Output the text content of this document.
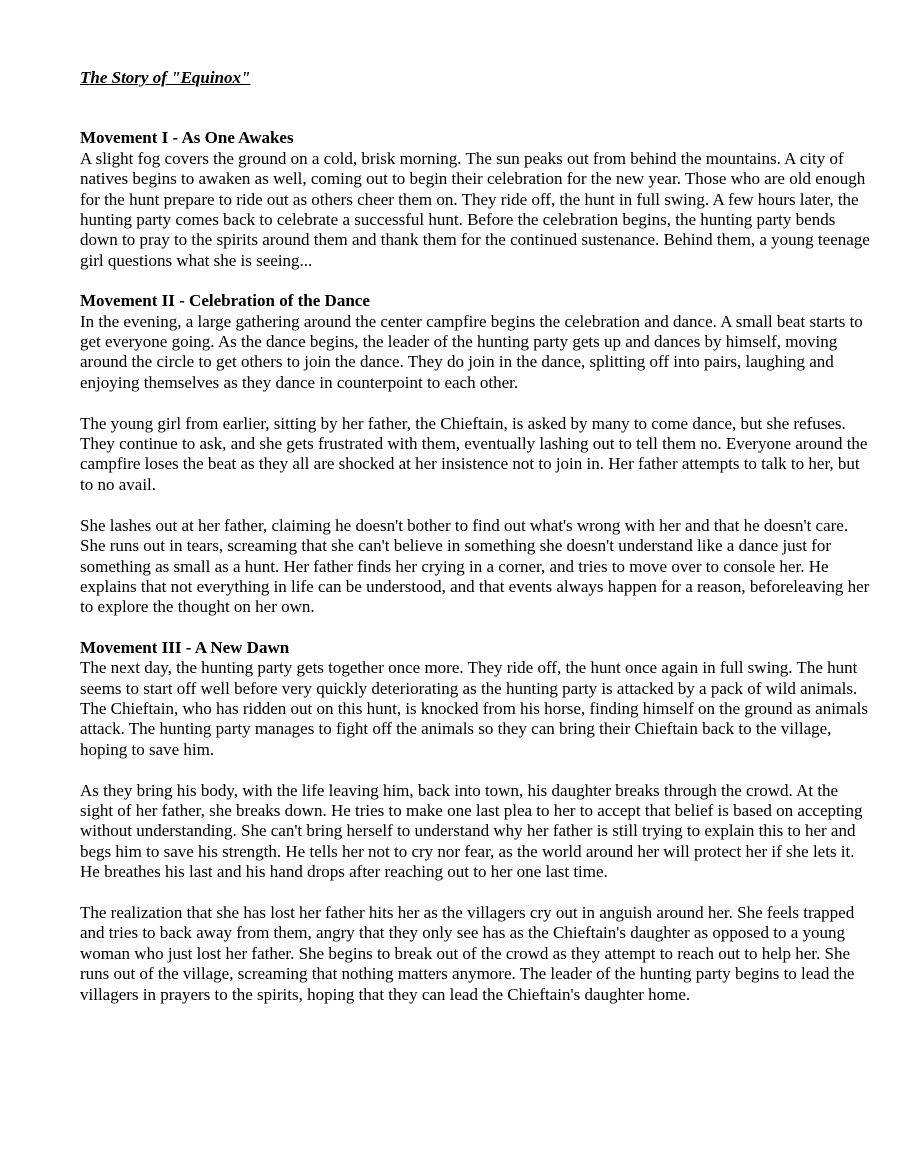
The Story of "Equinox"

Movement I - As One Awakes

A slight fog covers the ground on a cold, brisk morning. The sun peaks out from behind the mountains. A city of natives begins to awaken as well, coming out to begin their celebration for the new year. Those who are old enough for the hunt prepare to ride out as others cheer them on. They ride off, the hunt in full swing. A few hours later, the hunting party comes back to celebrate a successful hunt. Before the celebration begins, the hunting party bends down to pray to the spirits around them and thank them for the continued sustenance. Behind them, a young teenage girl questions what she is seeing...

Movement II - Celebration of the Dance

In the evening, a large gathering around the center campfire begins the celebration and dance. A small beat starts to get everyone going. As the dance begins, the leader of the hunting party gets up and dances by himself, moving around the circle to get others to join the dance. They do join in the dance, splitting off into pairs, laughing and enjoying themselves as they dance in counterpoint to each other.

The young girl from earlier, sitting by her father, the Chieftain, is asked by many to come dance, but she refuses. They continue to ask, and she gets frustrated with them, eventually lashing out to tell them no. Everyone around the campfire loses the beat as they all are shocked at her insistence not to join in. Her father attempts to talk to her, but to no avail.

She lashes out at her father, claiming he doesn't bother to find out what's wrong with her and that he doesn't care. She runs out in tears, screaming that she can't believe in something she doesn't understand like a dance just for something as small as a hunt. Her father finds her crying in a corner, and tries to move over to console her. He explains that not everything in life can be understood, and that events always happen for a reason, beforeleaving her to explore the thought on her own.

Movement III - A New Dawn

The next day, the hunting party gets together once more. They ride off, the hunt once again in full swing. The hunt seems to start off well before very quickly deteriorating as the hunting party is attacked by a pack of wild animals. The Chieftain, who has ridden out on this hunt, is knocked from his horse, finding himself on the ground as animals attack. The hunting party manages to fight off the animals so they can bring their Chieftain back to the village, hoping to save him.

As they bring his body, with the life leaving him, back into town, his daughter breaks through the crowd. At the sight of her father, she breaks down. He tries to make one last plea to her to accept that belief is based on accepting without understanding. She can't bring herself to understand why her father is still trying to explain this to her and begs him to save his strength. He tells her not to cry nor fear, as the world around her will protect her if she lets it. He breathes his last and his hand drops after reaching out to her one last time.

The realization that she has lost her father hits her as the villagers cry out in anguish around her. She feels trapped and tries to back away from them, angry that they only see has as the Chieftain's daughter as opposed to a young woman who just lost her father. She begins to break out of the crowd as they attempt to reach out to help her. She runs out of the village, screaming that nothing matters anymore. The leader of the hunting party begins to lead the villagers in prayers to the spirits, hoping that they can lead the Chieftain's daughter home.
